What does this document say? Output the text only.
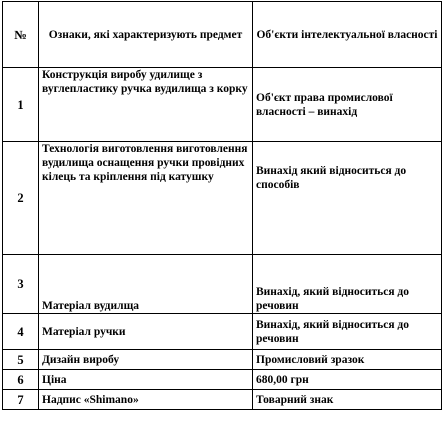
№	Ознаки, які характеризують предмет	Об'єкти інтелектуальної власності
1	Конструкція виробу удилище з вуглепластику ручка вудилища з корку	Об'єкт права промислової власності – винахід
2	Технологія виготовлення виготовлення вудилища оснащення ручки провідних кілець та кріплення під катушку	Винахід який відноситься до способів
3	Матеріал вудилща	Винахід, який відноситься до речовин
4	Матеріал ручки	Винахід, який відноситься до речовин
5	Дизайн виробу	Промисловий зразок
6	Ціна	680,00 грн
7	Надпис «Shimano»	Товарний знак
